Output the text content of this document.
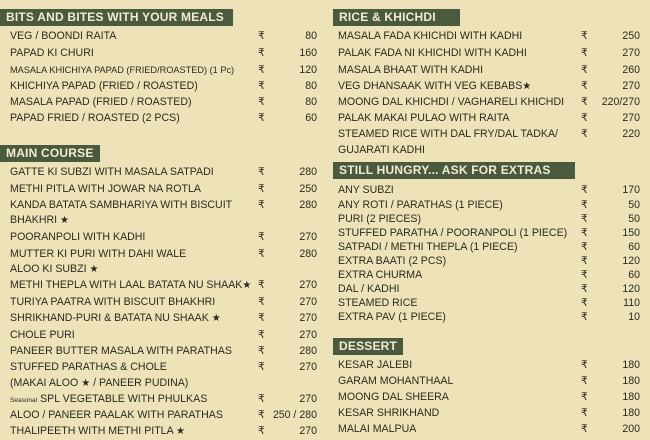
BITS AND BITES WITH YOUR MEALS
VEG / BOONDI RAITA	₹	80
PAPAD KI CHURI	₹	160
MASALA KHICHIYA PAPAD (FRIED/ROASTED) (1 Pc) ₹	120
KHICHIYA PAPAD (FRIED / ROASTED)	₹	80
MASALA PAPAD (FRIED / ROASTED)	₹	80
PAPAD FRIED / ROASTED (2 PCS)	₹	60
MAIN COURSE
GATTE KI SUBZI WITH MASALA SATPADI	₹	280
METHI PITLA WITH JOWAR NA ROTLA	₹	250
KANDA BATATA SAMBHARIYA WITH BISCUIT ₹	280
BHAKHRI ★
POORANPOLI WITH KADHI	₹	270
MUTTER KI PURI WITH DAHI WALE	₹	280
ALOO KI SUBZI ★
METHI THEPLA WITH LAAL BATATA NU SHAAK★ ₹	270
TURIYA PAATRA WITH BISCUIT BHAKHRI	₹	270
SHRIKHAND-PURI & BATATA NU SHAAK ★	₹	270
CHOLE PURI	₹	270
PANEER BUTTER MASALA WITH PARATHAS ₹	280
STUFFED PARATHAS & CHOLE	₹	270
(MAKAI ALOO ★ / PANEER PUDINA)
Seasonal SPL VEGETABLE WITH PHULKAS	₹	270
ALOO / PANEER PAALAK WITH PARATHAS	₹ 250 / 280
THALIPEETH WITH METHI PITLA ★	₹	270
RICE & KHICHDI
MASALA FADA KHICHDI WITH KADHI	₹	250
PALAK FADA NI KHICHDI WITH KADHI	₹	270
MASALA BHAAT WITH KADHI	₹	260
VEG DHANSAAK WITH VEG KEBABS★	₹	270
MOONG DAL KHICHDI / VAGHARELI KHICHDI ₹	220/270
PALAK MAKAI PULAO WITH RAITA	₹	270
STEAMED RICE WITH DAL FRY/DAL TADKA/ ₹	220
GUJARATI KADHI
STILL HUNGRY... ASK FOR EXTRAS
ANY SUBZI	₹	170
ANY ROTI / PARATHAS (1 PIECE)	₹	50
PURI (2 PIECES)	₹	50
STUFFED PARATHA / POORANPOLI (1 PIECE) ₹	150
SATPADI / METHI THEPLA (1 PIECE)	₹	60
EXTRA BAATI (2 PCS)	₹	120
EXTRA CHURMA	₹	60
DAL / KADHI	₹	120
STEAMED RICE	₹	110
EXTRA PAV (1 PIECE)	₹	10
DESSERT
KESAR JALEBI	₹	180
GARAM MOHANTHAAL	₹	180
MOONG DAL SHEERA	₹	180
KESAR SHRIKHAND	₹	180
MALAI MALPUA	₹	200
